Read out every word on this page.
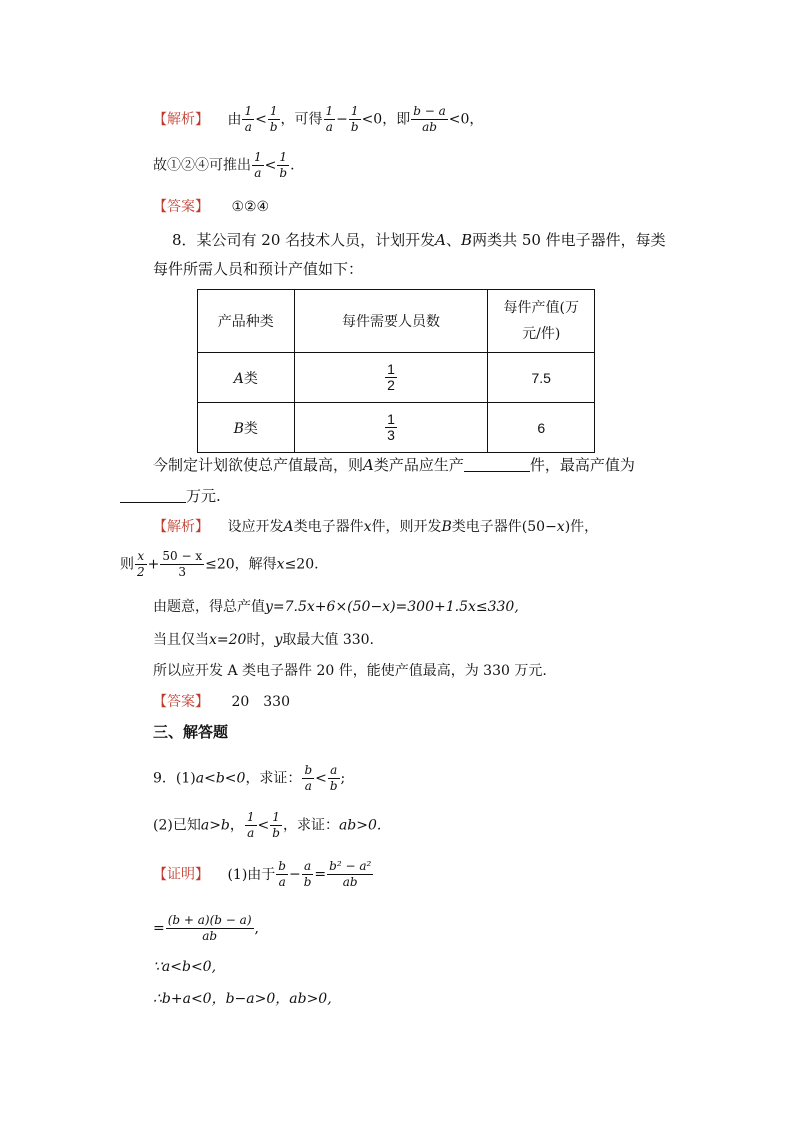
【 解析 】 由 $\frac{1}{a} < \frac{1}{b}$ ，可得 $\frac{1}{a} - \frac{1}{b} <0$，即 $\frac{b - a}{ab} <0$，
故①②④可推出 $\frac{1}{a} < \frac{1}{b}$ .
【 答案 】	①②④
8．某公司有 20 名技术人员，计划开发A、B两类共 50 件电子器件，每类
每件所需人员和预计产值如下：
产品种类	每件需要人员数	每件产值(万
元/件)

A类	$\frac{1}{2}$	7.5
B类	$\frac{1}{3}$	6
今制定计划欲使总产值最高，则A类产品应生产	件，最高产值为
万元.
【 解析 】 设应开发A类电子器件x件，则开发B类电子器件(50−x)件，
则 $\frac{x}{2} + \frac{50 - x}{3} \le 20$，解得x≤20.
由题意，得总产值y=7.5x+6×(50−x)=300+1.5x≤330,
当且仅当x=20时，y取最大值 330.
所以应开发 A 类电子器件 20 件，能使产值最高，为 330 万元.
【 答案 】	20　330
三、解答题
9．(1)a<b<0，求证： $\frac{b}{a} < \frac{a}{b}$ ;
(2)已知a>b， $\frac{1}{a} < \frac{1}{b}$ ，求证：ab>0.
【 证明 】 (1)由于 $\frac{b}{a} - \frac{a}{b} = \frac{\text{b² − a²}}{ab}$
= $\frac{(b + a)(b - a)}{ab}$ ,
∵a<b<0,
∴b+a<0，b−a>0，ab>0,
